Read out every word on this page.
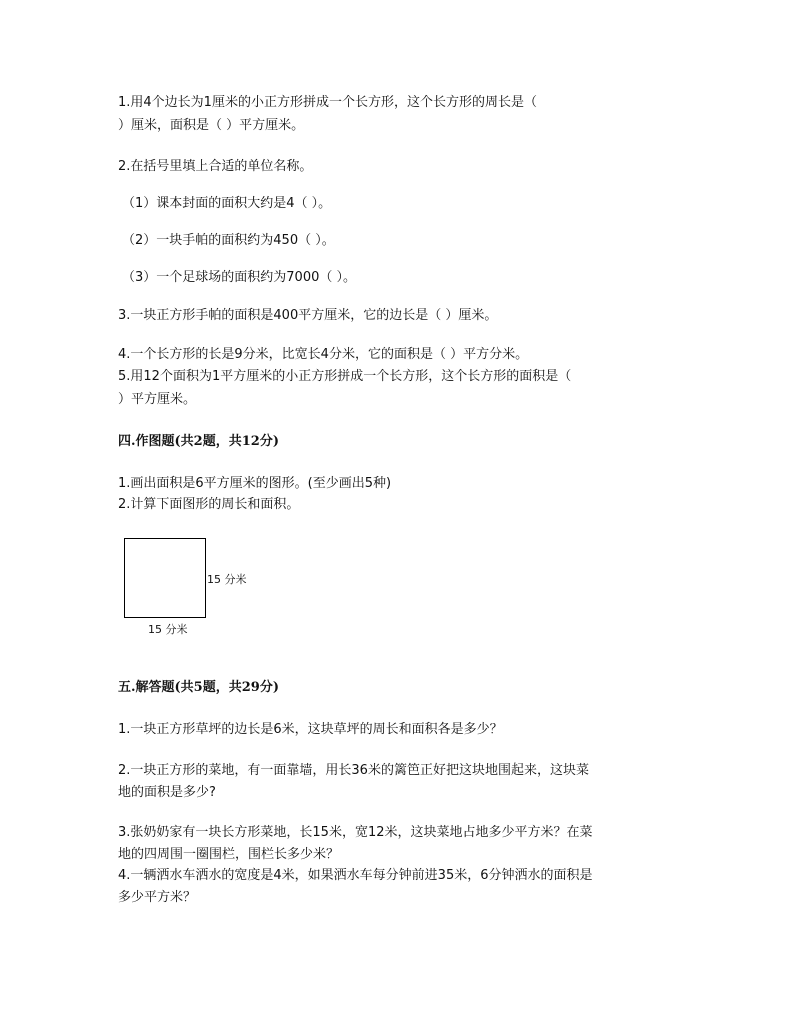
1.用4个边长为1厘米的小正方形拼成一个长方形，这个长方形的周长是（
）厘米，面积是（ ）平方厘米。
2.在括号里填上合适的单位名称。
（1）课本封面的面积大约是4（ ）。
（2）一块手帕的面积约为450（ ）。
（3）一个足球场的面积约为7000（ ）。
3.一块正方形手帕的面积是400平方厘米，它的边长是（ ）厘米。
4.一个长方形的长是9分米，比宽长4分米，它的面积是（ ）平方分米。
5.用12个面积为1平方厘米的小正方形拼成一个长方形，这个长方形的面积是（
）平方厘米。
四.作图题(共2题，共12分)
1.画出面积是6平方厘米的图形。(至少画出5种)
2.计算下面图形的周长和面积。
15 分米
15 分米
五.解答题(共5题，共29分)
1.一块正方形草坪的边长是6米，这块草坪的周长和面积各是多少？
2.一块正方形的菜地，有一面靠墙，用长36米的篱笆正好把这块地围起来，这块菜
地的面积是多少?
3.张奶奶家有一块长方形菜地，长15米，宽12米，这块菜地占地多少平方米？在菜
地的四周围一圈围栏，围栏长多少米？
4.一辆洒水车洒水的宽度是4米，如果洒水车每分钟前进35米，6分钟洒水的面积是
多少平方米？
